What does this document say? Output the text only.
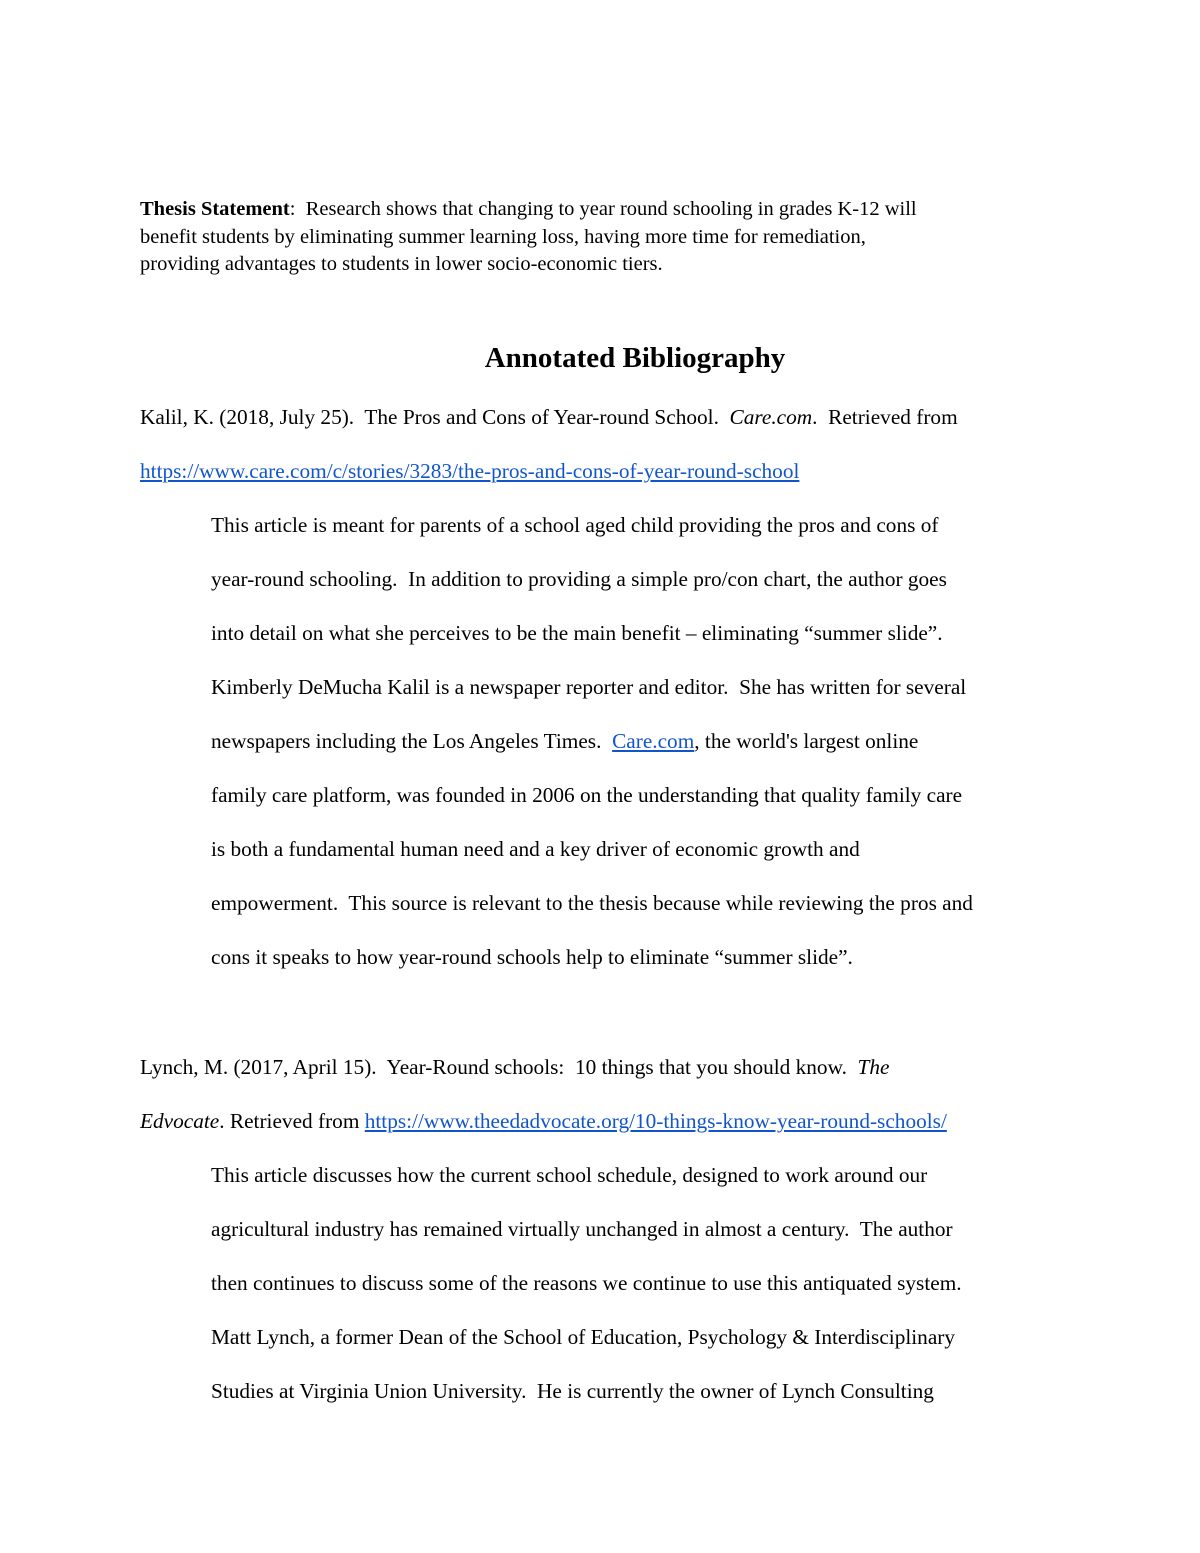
Thesis Statement:  Research shows that changing to year round schooling in grades K-12 will
benefit students by eliminating summer learning loss, having more time for remediation,
providing advantages to students in lower socio-economic tiers.
Annotated Bibliography
Kalil, K. (2018, July 25).  The Pros and Cons of Year-round School.  Care.com.  Retrieved from
https://www.care.com/c/stories/3283/the-pros-and-cons-of-year-round-school
This article is meant for parents of a school aged child providing the pros and cons of
year-round schooling.  In addition to providing a simple pro/con chart, the author goes
into detail on what she perceives to be the main benefit – eliminating “summer slide”.
Kimberly DeMucha Kalil is a newspaper reporter and editor.  She has written for several
newspapers including the Los Angeles Times.  Care.com, the world's largest online
family care platform, was founded in 2006 on the understanding that quality family care
is both a fundamental human need and a key driver of economic growth and
empowerment.  This source is relevant to the thesis because while reviewing the pros and
cons it speaks to how year-round schools help to eliminate “summer slide”.
Lynch, M. (2017, April 15).  Year-Round schools:  10 things that you should know.  The
Edvocate. Retrieved from https://www.theedadvocate.org/10-things-know-year-round-schools/
This article discusses how the current school schedule, designed to work around our
agricultural industry has remained virtually unchanged in almost a century.  The author
then continues to discuss some of the reasons we continue to use this antiquated system.
Matt Lynch, a former Dean of the School of Education, Psychology & Interdisciplinary
Studies at Virginia Union University.  He is currently the owner of Lynch Consulting
